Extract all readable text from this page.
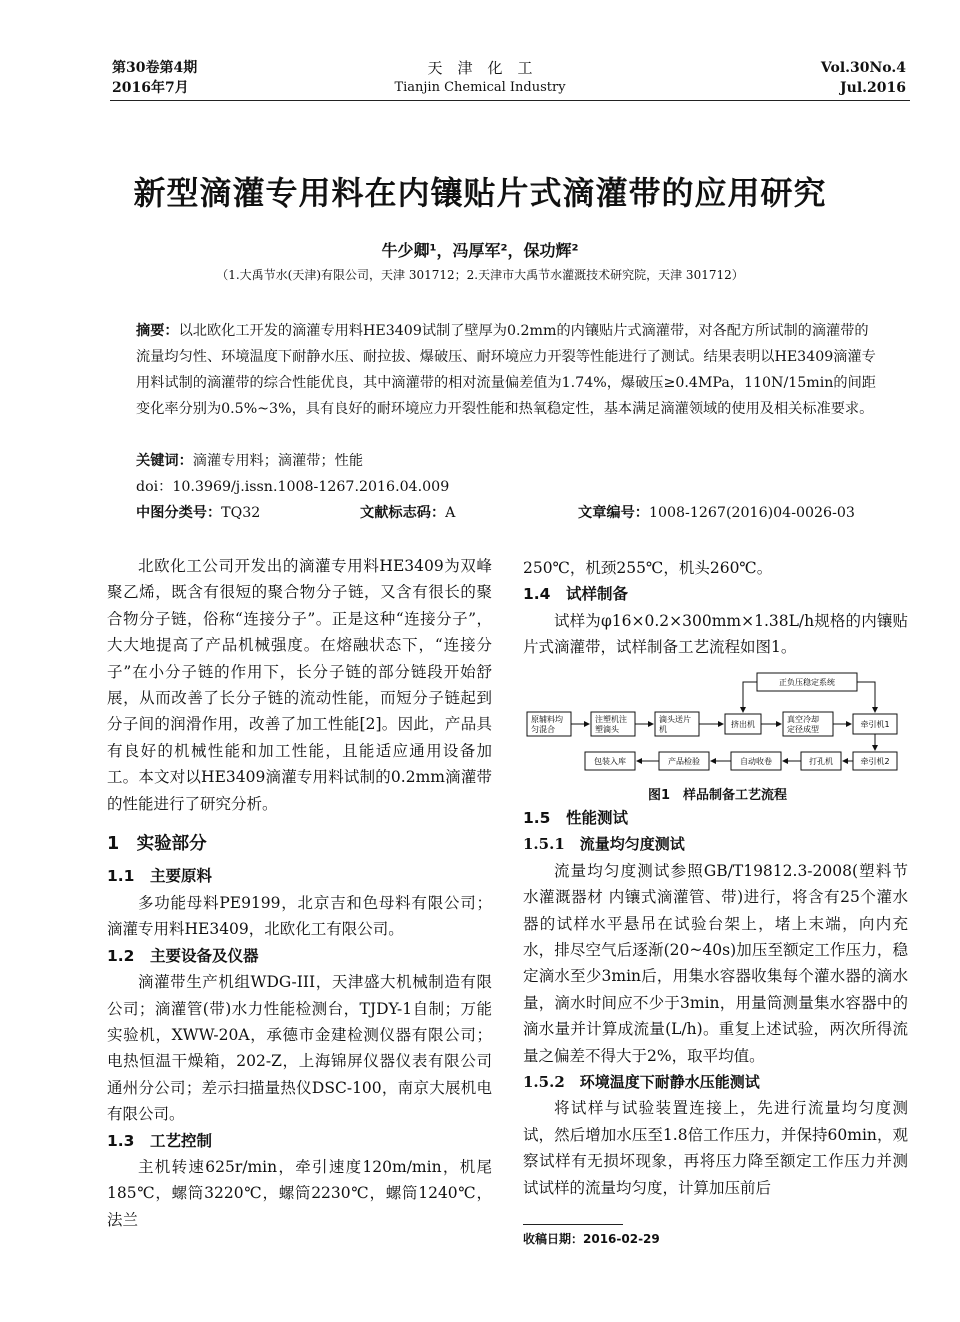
第30卷第4期
2016年7月
天　津　化　工
Tianjin Chemical Industry
Vol.30No.4
Jul.2016
新型滴灌专用料在内镶贴片式滴灌带的应用研究
牛少卿¹，冯厚军²，保功辉²
（1.大禹节水(天津)有限公司，天津 301712；2.天津市大禹节水灌溉技术研究院，天津 301712）
摘要：以北欧化工开发的滴灌专用料HE3409试制了壁厚为0.2mm的内镶贴片式滴灌带，对各配方所试制的滴灌带的流量均匀性、环境温度下耐静水压、耐拉拔、爆破压、耐环境应力开裂等性能进行了测试。结果表明以HE3409滴灌专用料试制的滴灌带的综合性能优良，其中滴灌带的相对流量偏差值为1.74%，爆破压≥0.4MPa，110N/15min的间距变化率分别为0.5%~3%，具有良好的耐环境应力开裂性能和热氧稳定性，基本满足滴灌领域的使用及相关标准要求。
关键词：滴灌专用料；滴灌带；性能
doi：10.3969/j.issn.1008-1267.2016.04.009
中图分类号：TQ32	文献标志码：A	文章编号：1008-1267(2016)04-0026-03

北欧化工公司开发出的滴灌专用料HE3409为双峰聚乙烯，既含有很短的聚合物分子链，又含有很长的聚合物分子链，俗称“连接分子”。正是这种“连接分子”，大大地提高了产品机械强度。在熔融状态下，“连接分子”在小分子链的作用下，长分子链的部分链段开始舒展，从而改善了长分子链的流动性能，而短分子链起到分子间的润滑作用，改善了加工性能[2]。因此，产品具有良好的机械性能和加工性能，且能适应通用设备加工。本文对以HE3409滴灌专用料试制的0.2mm滴灌带的性能进行了研究分析。

1　实验部分
1.1　主要原料

多功能母料PE9199，北京吉和色母料有限公司；滴灌专用料HE3409，北欧化工有限公司。

1.2　主要设备及仪器

滴灌带生产机组WDG-III，天津盛大机械制造有限公司；滴灌管(带)水力性能检测台，TJDY-1自制；万能实验机，XWW-20A，承德市金建检测仪器有限公司；电热恒温干燥箱，202-Z，上海锦屏仪器仪表有限公司通州分公司；差示扫描量热仪DSC-100，南京大展机电有限公司。

1.3　工艺控制

主机转速625r/min，牵引速度120m/min，机尾185℃，螺筒3220℃，螺筒2230℃，螺筒1240℃，法兰

250℃，机颈255℃，机头260℃。
1.4　试样制备

试样为φ16×0.2×300mm×1.38L/h规格的内镶贴片式滴灌带，试样制备工艺流程如图1。

正负压稳定系统
原辅料均
匀混合
注塑机注
塑滴头
滴头送片
机
挤出机
真空冷却
定径成型
牵引机1
包装入库	产品检验	自动收卷	打孔机	牵引机2
图1　样品制备工艺流程
1.5　性能测试
1.5.1　流量均匀度测试

流量均匀度测试参照GB/T19812.3-2008(塑料节水灌溉器材 内镶式滴灌管、带)进行，将含有25个灌水器的试样水平悬吊在试验台架上，堵上末端，向内充水，排尽空气后逐渐(20~40s)加压至额定工作压力，稳定滴水至少3min后，用集水容器收集每个灌水器的滴水量，滴水时间应不少于3min，用量筒测量集水容器中的滴水量并计算成流量(L/h)。重复上述试验，两次所得流量之偏差不得大于2%，取平均值。

1.5.2　环境温度下耐静水压能测试

将试样与试验装置连接上，先进行流量均匀度测试，然后增加水压至1.8倍工作压力，并保持60min，观察试样有无损坏现象，再将压力降至额定工作压力并测试试样的流量均匀度，计算加压前后

收稿日期：2016-02-29
